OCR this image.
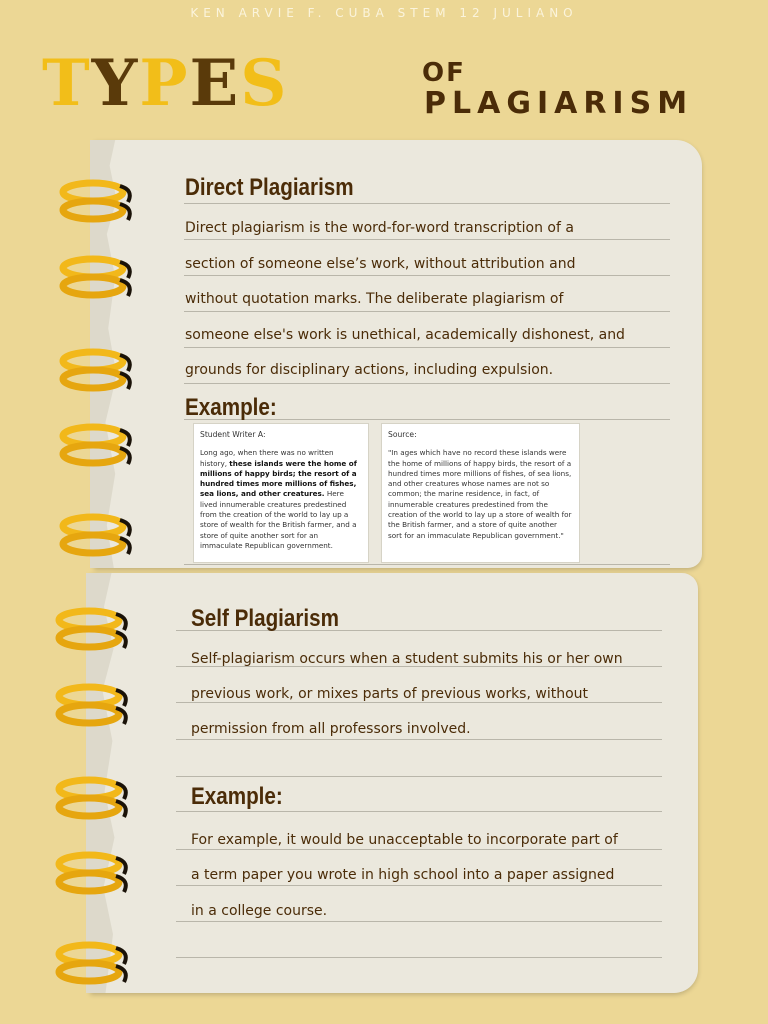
KEN ARVIE F. CUBA STEM 12 JULIANO
TYPES	OF
PLAGIARISM
Direct Plagiarism
Direct plagiarism is the word-for-word transcription of a
section of someone else’s work, without attribution and
without quotation marks. The deliberate plagiarism of
someone else's work is unethical, academically dishonest, and
grounds for disciplinary actions, including expulsion.
Example:
Student Writer A:
Long ago, when there was no written history, these islands were the home of millions of happy birds; the resort of a hundred times more millions of fishes, sea lions, and other creatures. Here lived innumerable creatures predestined from the creation of the world to lay up a store of wealth for the British farmer, and a store of quite another sort for an immaculate Republican government.
Source:
"In ages which have no record these islands were the home of millions of happy birds, the resort of a hundred times more millions of fishes, of sea lions, and other creatures whose names are not so common; the marine residence, in fact, of innumerable creatures predestined from the creation of the world to lay up a store of wealth for the British farmer, and a store of quite another sort for an immaculate Republican government."
Self Plagiarism
Self-plagiarism occurs when a student submits his or her own
previous work, or mixes parts of previous works, without
permission from all professors involved.
Example:
For example, it would be unacceptable to incorporate part of
a term paper you wrote in high school into a paper assigned
in a college course.
